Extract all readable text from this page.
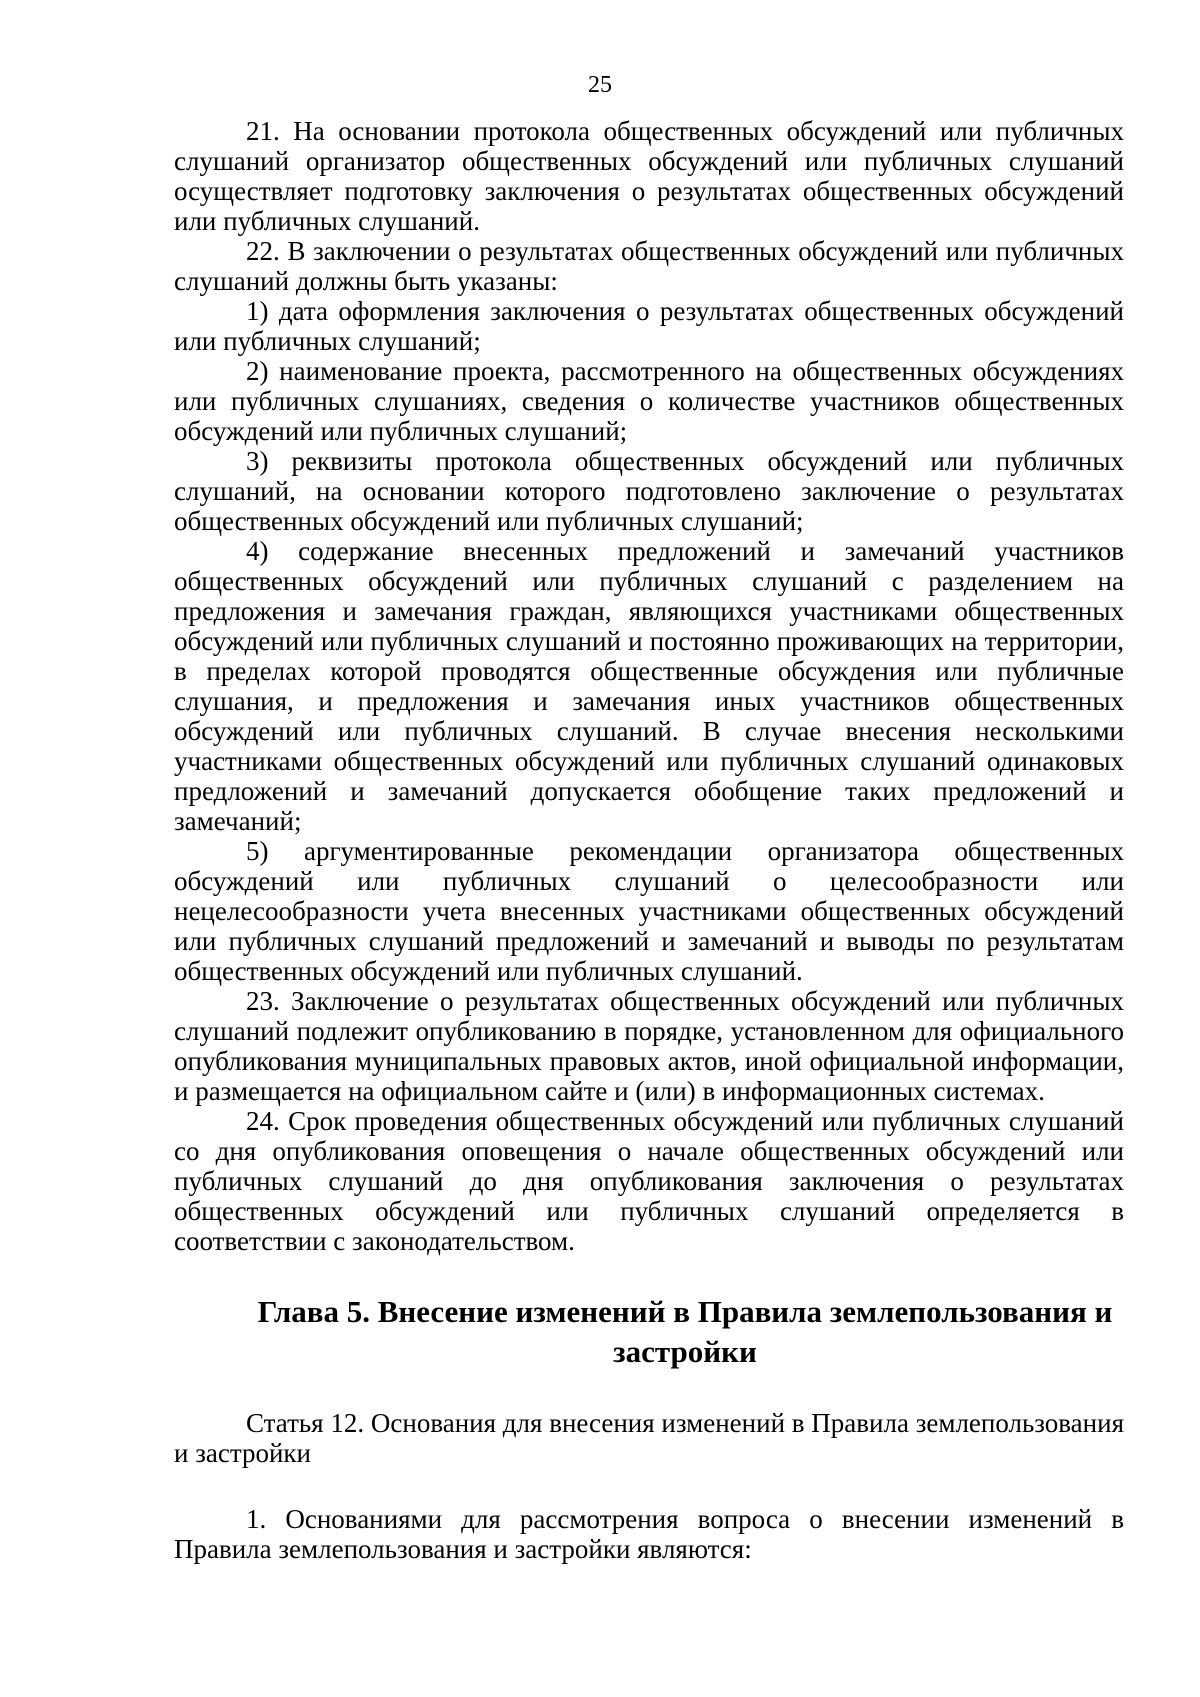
25

21. На основании протокола общественных обсуждений или публичных слушаний организатор общественных обсуждений или публичных слушаний осуществляет подготовку заключения о результатах общественных обсуждений или публичных слушаний.

22. В заключении о результатах общественных обсуждений или публичных слушаний должны быть указаны:

1) дата оформления заключения о результатах общественных обсуждений или публичных слушаний;

2) наименование проекта, рассмотренного на общественных обсуждениях или публичных слушаниях, сведения о количестве участников общественных обсуждений или публичных слушаний;

3) реквизиты протокола общественных обсуждений или публичных слушаний, на основании которого подготовлено заключение о результатах общественных обсуждений или публичных слушаний;

4) содержание внесенных предложений и замечаний участников общественных обсуждений или публичных слушаний с разделением на предложения и замечания граждан, являющихся участниками общественных обсуждений или публичных слушаний и постоянно проживающих на территории, в пределах которой проводятся общественные обсуждения или публичные слушания, и предложения и замечания иных участников общественных обсуждений или публичных слушаний. В случае внесения несколькими участниками общественных обсуждений или публичных слушаний одинаковых предложений и замечаний допускается обобщение таких предложений и замечаний;

5) аргументированные рекомендации организатора общественных обсуждений или публичных слушаний о целесообразности или нецелесообразности учета внесенных участниками общественных обсуждений или публичных слушаний предложений и замечаний и выводы по результатам общественных обсуждений или публичных слушаний.

23. Заключение о результатах общественных обсуждений или публичных слушаний подлежит опубликованию в порядке, установленном для официального опубликования муниципальных правовых актов, иной официальной информации, и размещается на официальном сайте и (или) в информационных системах.

24. Срок проведения общественных обсуждений или публичных слушаний со дня опубликования оповещения о начале общественных обсуждений или публичных слушаний до дня опубликования заключения о результатах общественных обсуждений или публичных слушаний определяется в соответствии с законодательством.

Глава 5. Внесение изменений в Правила землепользования и застройки

Статья 12. Основания для внесения изменений в Правила землепользования и застройки

1. Основаниями для рассмотрения вопроса о внесении изменений в Правила землепользования и застройки являются:
